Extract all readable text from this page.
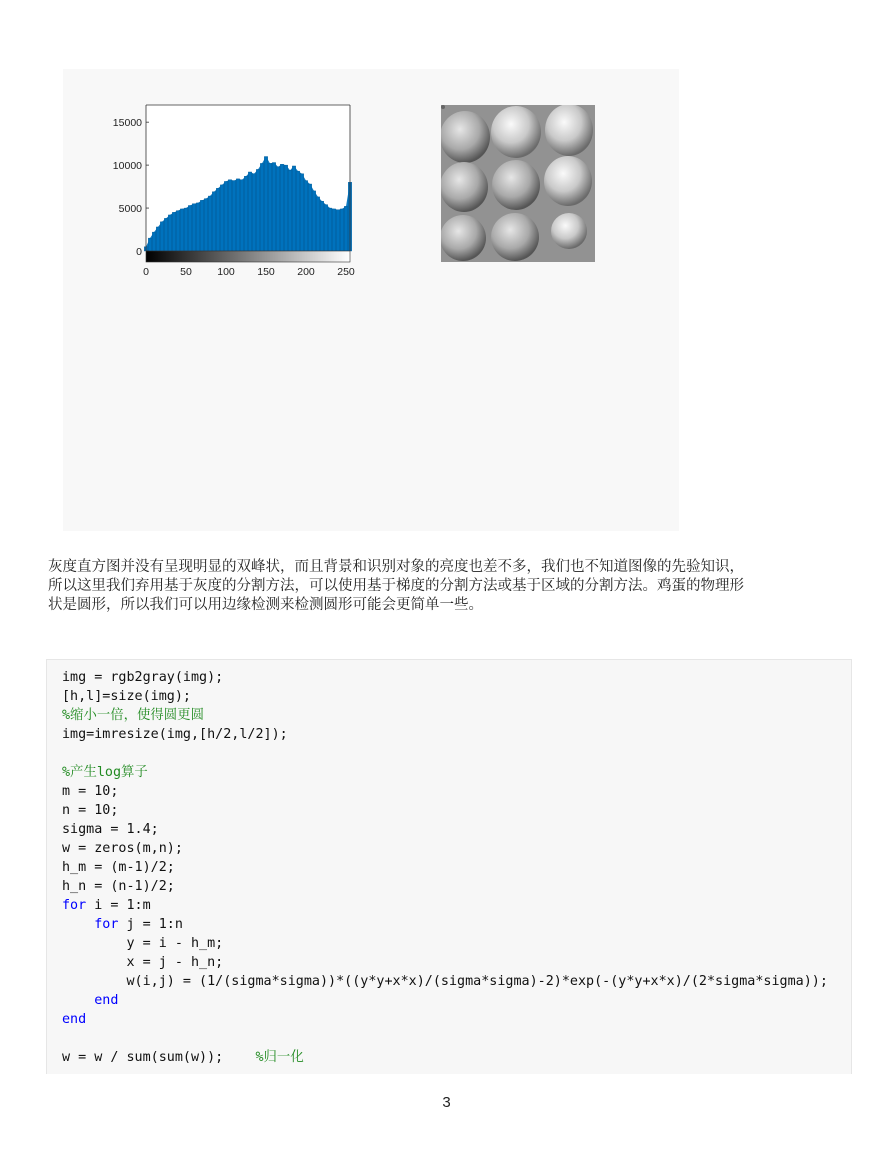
0
5000
10000
15000
0	50 100 150 200 250
灰度直方图并没有呈现明显的双峰状，而且背景和识别对象的亮度也差不多，我们也不知道图像的先验知识，
所以这里我们弃用基于灰度的分割方法，可以使用基于梯度的分割方法或基于区域的分割方法。鸡蛋的物理形
状是圆形，所以我们可以用边缘检测来检测圆形可能会更简单一些。
img = rgb2gray(img);
[h,l]=size(img);
%缩小一倍，使得圆更圆
img=imresize(img,[h/2,l/2]);
%产生log算子
m = 10;
n = 10;
sigma = 1.4;
w = zeros(m,n);
h_m = (m-1)/2;
h_n = (n-1)/2;
for i = 1:m
for j = 1:n
y = i - h_m;
x = j - h_n;
w(i,j) = (1/(sigma*sigma))*((y*y+x*x)/(sigma*sigma)-2)*exp(-(y*y+x*x)/(2*sigma*sigma));
end
end
w = w / sum(sum(w));    %归一化
3
